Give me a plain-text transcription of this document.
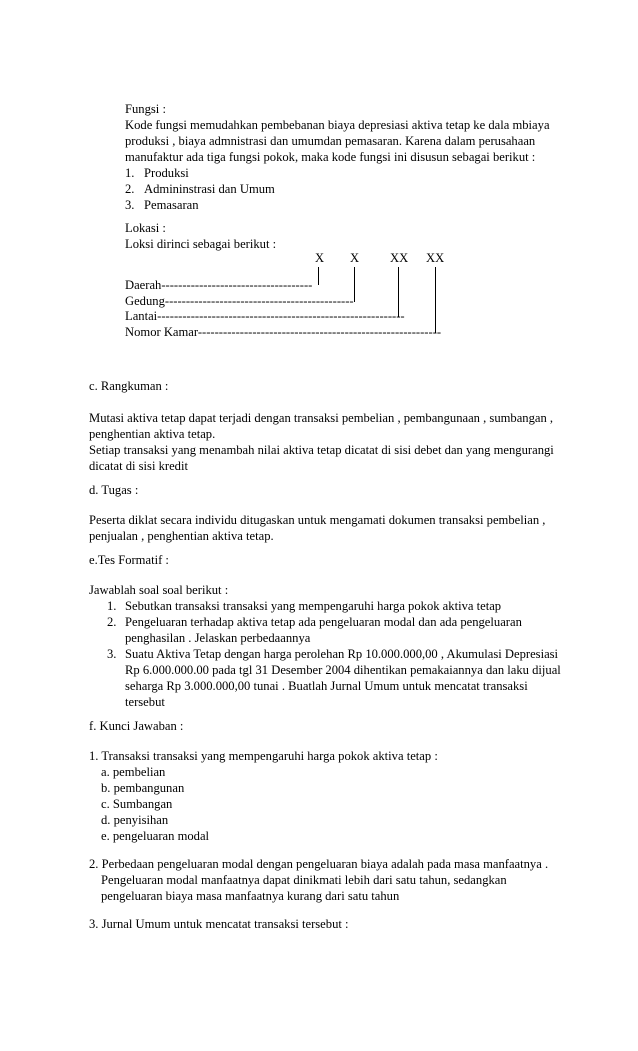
Fungsi :
Kode fungsi memudahkan pembebanan biaya depresiasi aktiva tetap ke dala mbiaya
produksi , biaya admnistrasi dan umumdan pemasaran. Karena dalam perusahaan
manufaktur ada tiga fungsi pokok, maka kode fungsi ini disusun sebagai berikut :
1. Produksi
2. Admininstrasi dan Umum
3. Pemasaran
Lokasi :
Loksi dirinci sebagai berikut :
X X XX XX
Daerah------------------------------------
Gedung---------------------------------------------
Lantai-----------------------------------------------------------
Nomor Kamar----------------------------------------------------------
c. Rangkuman :
Mutasi aktiva tetap dapat terjadi dengan transaksi pembelian , pembangunaan , sumbangan ,
penghentian aktiva tetap.
Setiap transaksi yang menambah nilai aktiva tetap dicatat di sisi debet dan yang mengurangi
dicatat di sisi kredit
d. Tugas :
Peserta diklat secara individu ditugaskan untuk mengamati dokumen transaksi pembelian ,
penjualan , penghentian aktiva tetap.
e.Tes Formatif :
Jawablah soal soal berikut :
1. Sebutkan transaksi transaksi yang mempengaruhi harga pokok aktiva tetap
2. Pengeluaran terhadap aktiva tetap ada pengeluaran modal dan ada pengeluaran
penghasilan . Jelaskan perbedaannya
3. Suatu Aktiva Tetap dengan harga perolehan Rp 10.000.000,00 , Akumulasi Depresiasi
Rp 6.000.000.00 pada tgl 31 Desember 2004 dihentikan pemakaiannya dan laku dijual
seharga Rp 3.000.000,00 tunai . Buatlah Jurnal Umum untuk mencatat transaksi
tersebut
f. Kunci Jawaban :
1. Transaksi transaksi yang mempengaruhi harga pokok aktiva tetap :
a. pembelian
b. pembangunan
c. Sumbangan
d. penyisihan
e. pengeluaran modal
2. Perbedaan pengeluaran modal dengan pengeluaran biaya adalah pada masa manfaatnya .
Pengeluaran modal manfaatnya dapat dinikmati lebih dari satu tahun, sedangkan
pengeluaran biaya masa manfaatnya kurang dari satu tahun
3. Jurnal Umum untuk mencatat transaksi tersebut :
